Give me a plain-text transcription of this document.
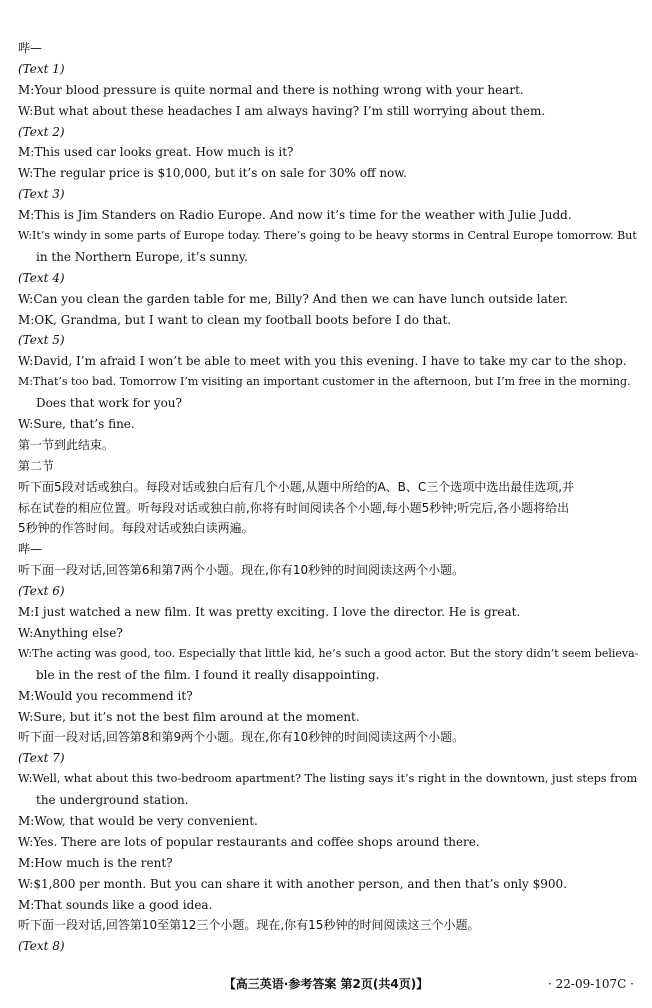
哔—
(Text 1)
M:Your blood pressure is quite normal and there is nothing wrong with your heart.
W:But what about these headaches I am always having? I’m still worrying about them.
(Text 2)
M:This used car looks great. How much is it?
W:The regular price is $10,000, but it’s on sale for 30% off now.
(Text 3)
M:This is Jim Standers on Radio Europe. And now it’s time for the weather with Julie Judd.
W:It’s windy in some parts of Europe today. There’s going to be heavy storms in Central Europe tomorrow. But
in the Northern Europe, it’s sunny.
(Text 4)
W:Can you clean the garden table for me, Billy? And then we can have lunch outside later.
M:OK, Grandma, but I want to clean my football boots before I do that.
(Text 5)
W:David, I’m afraid I won’t be able to meet with you this evening. I have to take my car to the shop.
M:That’s too bad. Tomorrow I’m visiting an important customer in the afternoon, but I’m free in the morning.
Does that work for you?
W:Sure, that’s fine.
第一节到此结束。
第二节
听下面5段对话或独白。每段对话或独白后有几个小题,从题中所给的A、B、C三个选项中选出最佳选项,并
标在试卷的相应位置。听每段对话或独白前,你将有时间阅读各个小题,每小题5秒钟;听完后,各小题将给出
5秒钟的作答时间。每段对话或独白读两遍。
哔—
听下面一段对话,回答第6和第7两个小题。现在,你有10秒钟的时间阅读这两个小题。
(Text 6)
M:I just watched a new film. It was pretty exciting. I love the director. He is great.
W:Anything else?
W:The acting was good, too. Especially that little kid, he’s such a good actor. But the story didn’t seem believa-
ble in the rest of the film. I found it really disappointing.
M:Would you recommend it?
W:Sure, but it’s not the best film around at the moment.
听下面一段对话,回答第8和第9两个小题。现在,你有10秒钟的时间阅读这两个小题。
(Text 7)
W:Well, what about this two-bedroom apartment? The listing says it’s right in the downtown, just steps from
the underground station.
M:Wow, that would be very convenient.
W:Yes. There are lots of popular restaurants and coffee shops around there.
M:How much is the rent?
W:$1,800 per month. But you can share it with another person, and then that’s only $900.
M:That sounds like a good idea.
听下面一段对话,回答第10至第12三个小题。现在,你有15秒钟的时间阅读这三个小题。
(Text 8)
【高三英语·参考答案 第2页(共4页)】	· 22-09-107C ·
